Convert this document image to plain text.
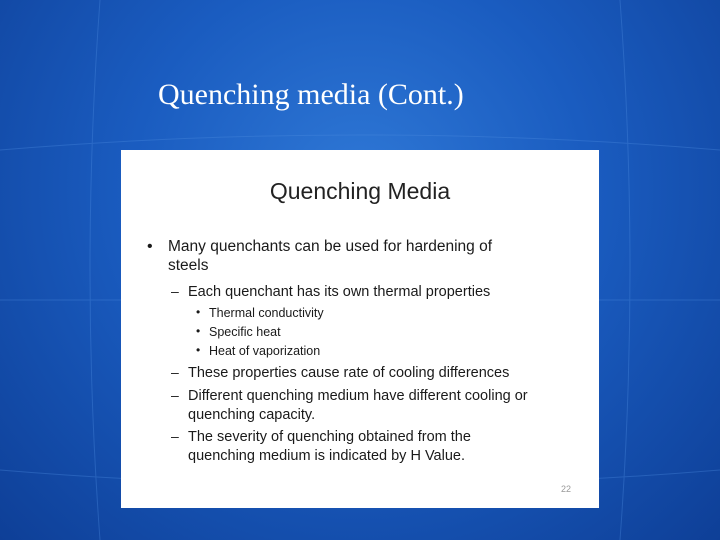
Quenching media (Cont.)
Quenching Media
• Many quenchants can be used for hardening of
steels
– Each quenchant has its own thermal properties
• Thermal conductivity
• Specific heat
• Heat of vaporization
– These properties cause rate of cooling differences
– Different quenching medium have different cooling or
quenching capacity.
– The severity of quenching obtained from the
quenching medium is indicated by H Value.
22
